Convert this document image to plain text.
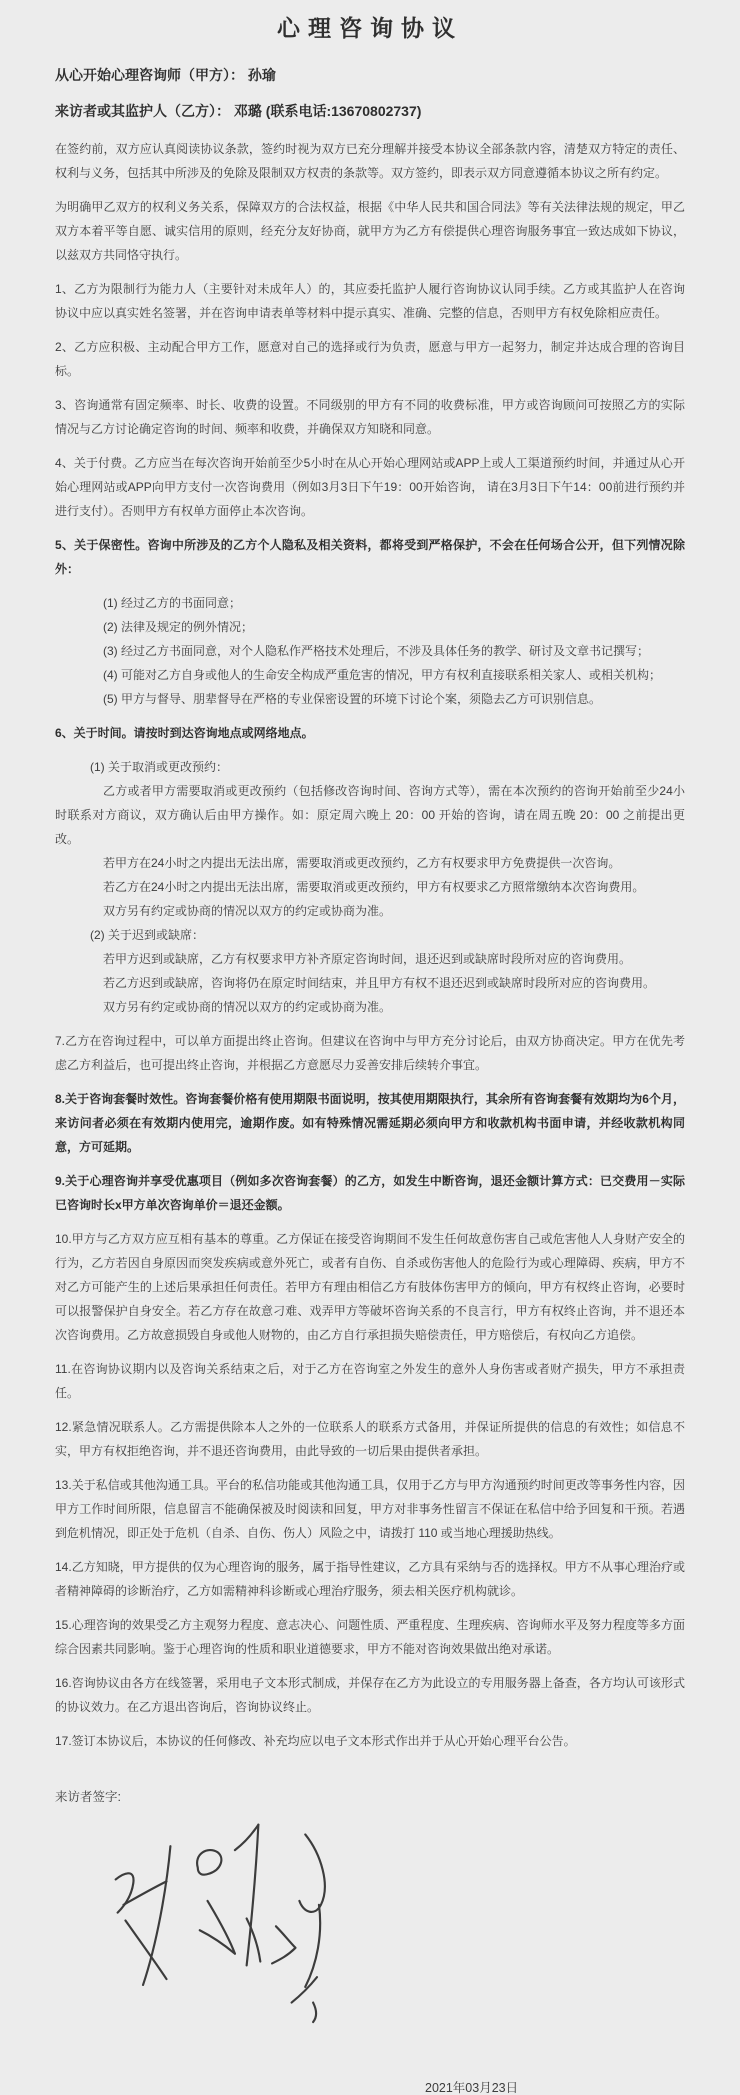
心理咨询协议

从心开始心理咨询师（甲方）： 孙瑜

来访者或其监护人（乙方）： 邓璐 (联系电话:13670802737)

在签约前，双方应认真阅读协议条款，签约时视为双方已充分理解并接受本协议全部条款内容，清楚双方特定的责任、权利与义务，包括其中所涉及的免除及限制双方权责的条款等。双方签约，即表示双方同意遵循本协议之所有约定。

为明确甲乙双方的权利义务关系，保障双方的合法权益，根据《中华人民共和国合同法》等有关法律法规的规定，甲乙双方本着平等自愿、诚实信用的原则，经充分友好协商，就甲方为乙方有偿提供心理咨询服务事宜一致达成如下协议，以兹双方共同恪守执行。

1、乙方为限制行为能力人（主要针对未成年人）的，其应委托监护人履行咨询协议认同手续。乙方或其监护人在咨询协议中应以真实姓名签署，并在咨询申请表单等材料中提示真实、准确、完整的信息，否则甲方有权免除相应责任。

2、乙方应积极、主动配合甲方工作，愿意对自己的选择或行为负责，愿意与甲方一起努力，制定并达成合理的咨询目标。

3、咨询通常有固定频率、时长、收费的设置。不同级别的甲方有不同的收费标准，甲方或咨询顾问可按照乙方的实际情况与乙方讨论确定咨询的时间、频率和收费，并确保双方知晓和同意。

4、关于付费。乙方应当在每次咨询开始前至少5小时在从心开始心理网站或APP上或人工渠道预约时间，并通过从心开始心理网站或APP向甲方支付一次咨询费用（例如3月3日下午19：00开始咨询， 请在3月3日下午14：00前进行预约并进行支付）。否则甲方有权单方面停止本次咨询。

5、关于保密性。咨询中所涉及的乙方个人隐私及相关资料，都将受到严格保护，不会在任何场合公开，但下列情况除外：

(1) 经过乙方的书面同意；

(2) 法律及规定的例外情况；

(3) 经过乙方书面同意，对个人隐私作严格技术处理后，不涉及具体任务的教学、研讨及文章书记撰写；

(4) 可能对乙方自身或他人的生命安全构成严重危害的情况，甲方有权利直接联系相关家人、或相关机构；

(5) 甲方与督导、朋辈督导在严格的专业保密设置的环境下讨论个案，须隐去乙方可识别信息。

6、关于时间。请按时到达咨询地点或网络地点。

(1) 关于取消或更改预约：

乙方或者甲方需要取消或更改预约（包括修改咨询时间、咨询方式等），需在本次预约的咨询开始前至少24小时联系对方商议，双方确认后由甲方操作。如：原定周六晚上 20：00 开始的咨询，请在周五晚 20：00 之前提出更改。

若甲方在24小时之内提出无法出席，需要取消或更改预约，乙方有权要求甲方免费提供一次咨询。

若乙方在24小时之内提出无法出席，需要取消或更改预约，甲方有权要求乙方照常缴纳本次咨询费用。

双方另有约定或协商的情况以双方的约定或协商为准。

(2) 关于迟到或缺席：

若甲方迟到或缺席，乙方有权要求甲方补齐原定咨询时间，退还迟到或缺席时段所对应的咨询费用。

若乙方迟到或缺席，咨询将仍在原定时间结束，并且甲方有权不退还迟到或缺席时段所对应的咨询费用。

双方另有约定或协商的情况以双方的约定或协商为准。

7.乙方在咨询过程中，可以单方面提出终止咨询。但建议在咨询中与甲方充分讨论后，由双方协商决定。甲方在优先考虑乙方利益后，也可提出终止咨询，并根据乙方意愿尽力妥善安排后续转介事宜。

8.关于咨询套餐时效性。咨询套餐价格有使用期限书面说明，按其使用期限执行，其余所有咨询套餐有效期均为6个月，来访问者必须在有效期内使用完，逾期作废。如有特殊情况需延期必须向甲方和收款机构书面申请，并经收款机构同意，方可延期。

9.关于心理咨询并享受优惠项目（例如多次咨询套餐）的乙方，如发生中断咨询，退还金额计算方式：已交费用－实际已咨询时长x甲方单次咨询单价＝退还金额。

10.甲方与乙方双方应互相有基本的尊重。乙方保证在接受咨询期间不发生任何故意伤害自己或危害他人人身财产安全的行为，乙方若因自身原因而突发疾病或意外死亡，或者有自伤、自杀或伤害他人的危险行为或心理障碍、疾病，甲方不对乙方可能产生的上述后果承担任何责任。若甲方有理由相信乙方有肢体伤害甲方的倾向，甲方有权终止咨询，必要时可以报警保护自身安全。若乙方存在故意刁难、戏弄甲方等破坏咨询关系的不良言行，甲方有权终止咨询，并不退还本次咨询费用。乙方故意损毁自身或他人财物的，由乙方自行承担损失赔偿责任，甲方赔偿后，有权向乙方追偿。

11.在咨询协议期内以及咨询关系结束之后，对于乙方在咨询室之外发生的意外人身伤害或者财产损失，甲方不承担责任。

12.紧急情况联系人。乙方需提供除本人之外的一位联系人的联系方式备用，并保证所提供的信息的有效性；如信息不实，甲方有权拒绝咨询，并不退还咨询费用，由此导致的一切后果由提供者承担。

13.关于私信或其他沟通工具。平台的私信功能或其他沟通工具，仅用于乙方与甲方沟通预约时间更改等事务性内容，因甲方工作时间所限，信息留言不能确保被及时阅读和回复，甲方对非事务性留言不保证在私信中给予回复和干预。若遇到危机情况，即正处于危机（自杀、自伤、伤人）风险之中，请拨打 110 或当地心理援助热线。

14.乙方知晓，甲方提供的仅为心理咨询的服务，属于指导性建议，乙方具有采纳与否的选择权。甲方不从事心理治疗或者精神障碍的诊断治疗，乙方如需精神科诊断或心理治疗服务，须去相关医疗机构就诊。

15.心理咨询的效果受乙方主观努力程度、意志决心、问题性质、严重程度、生理疾病、咨询师水平及努力程度等多方面综合因素共同影响。鉴于心理咨询的性质和职业道德要求，甲方不能对咨询效果做出绝对承诺。

16.咨询协议由各方在线签署，采用电子文本形式制成，并保存在乙方为此设立的专用服务器上备查，各方均认可该形式的协议效力。在乙方退出咨询后，咨询协议终止。

17.签订本协议后，本协议的任何修改、补充均应以电子文本形式作出并于从心开始心理平台公告。

来访者签字:

2021年03月23日
